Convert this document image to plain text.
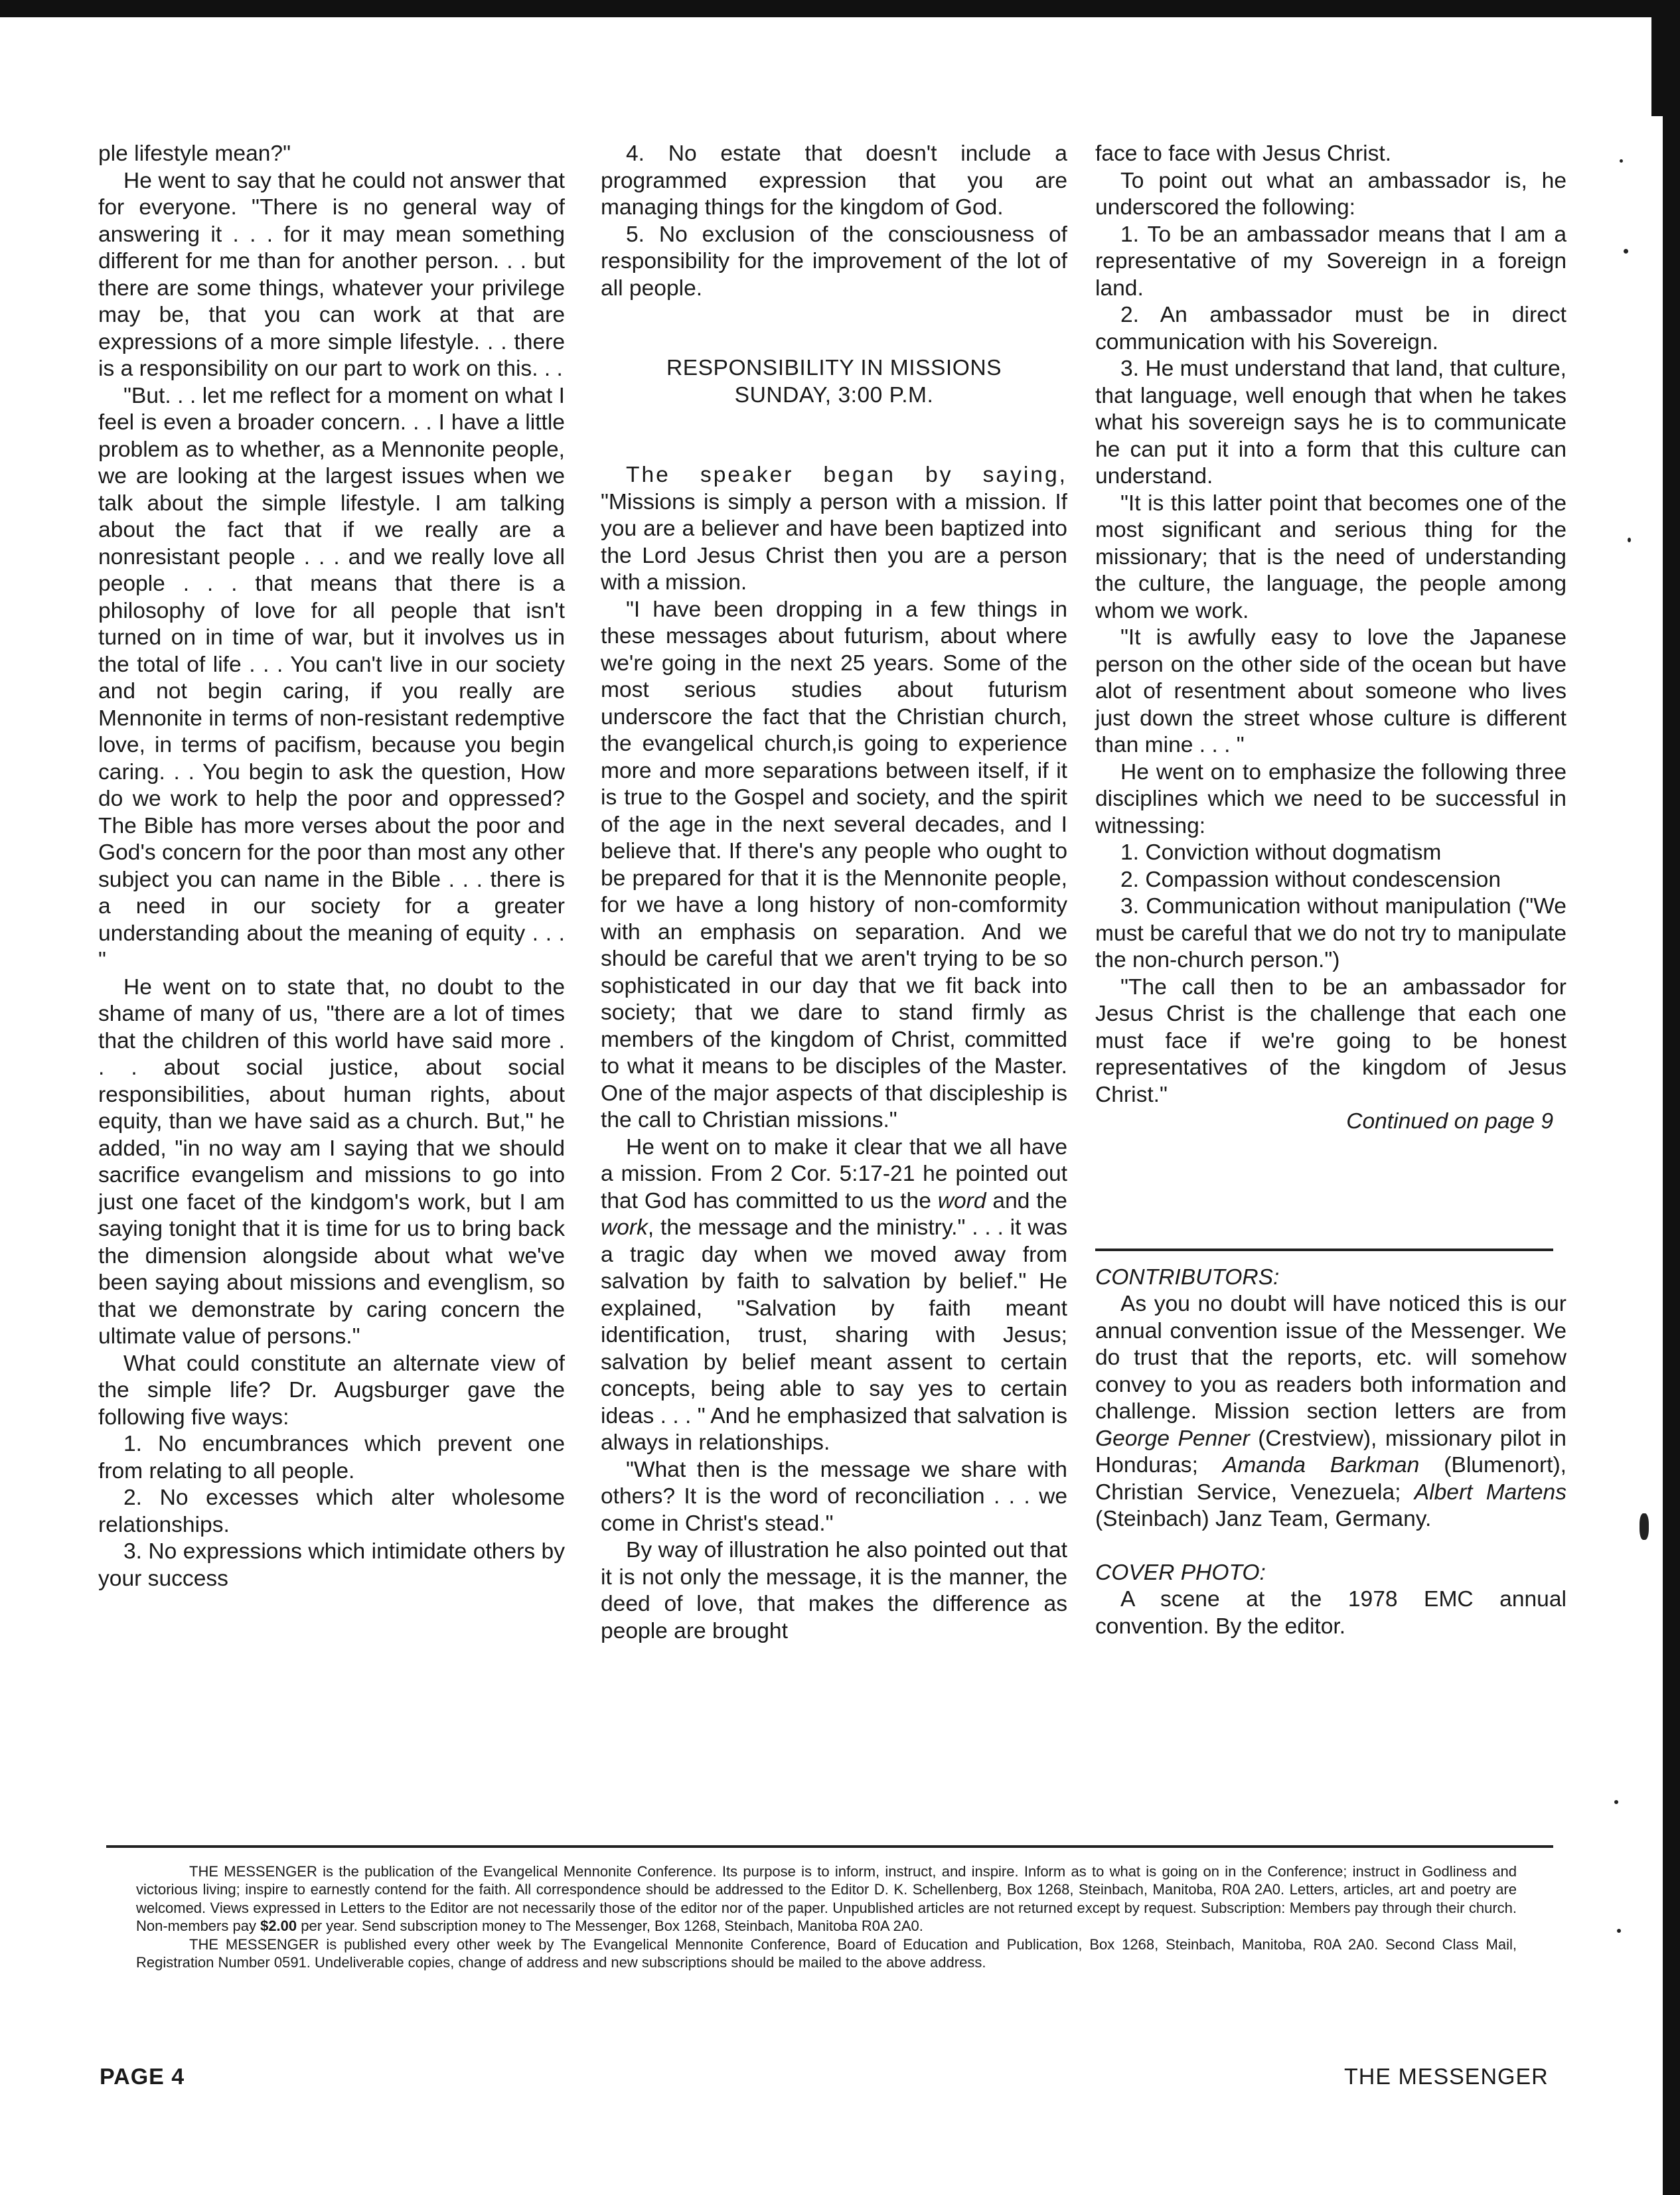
ple lifestyle mean?"

He went to say that he could not answer that for everyone. "There is no general way of answering it . . . for it may mean something different for me than for another person. . . but there are some things, whatever your privilege may be, that you can work at that are expressions of a more simple lifestyle. . . there is a responsibility on our part to work on this. . .

"But. . . let me reflect for a moment on what I feel is even a broader concern. . . I have a little problem as to whether, as a Mennonite people, we are looking at the largest issues when we talk about the simple lifestyle. I am talking about the fact that if we really are a nonresistant people . . . and we really love all people . . . that means that there is a philosophy of love for all people that isn't turned on in time of war, but it involves us in the total of life . . . You can't live in our society and not begin caring, if you really are Mennonite in terms of non-resistant redemptive love, in terms of pacifism, because you begin caring. . . You begin to ask the question, How do we work to help the poor and oppressed? The Bible has more verses about the poor and God's concern for the poor than most any other subject you can name in the Bible . . . there is a need in our society for a greater understanding about the meaning of equity . . . "

He went on to state that, no doubt to the shame of many of us, "there are a lot of times that the children of this world have said more . . . about social justice, about social responsibilities, about human rights, about equity, than we have said as a church. But," he added, "in no way am I saying that we should sacrifice evangelism and missions to go into just one facet of the kindgom's work, but I am saying tonight that it is time for us to bring back the dimension alongside about what we've been saying about missions and evenglism, so that we demonstrate by caring concern the ultimate value of persons."

What could constitute an alternate view of the simple life? Dr. Augsburger gave the following five ways:

1. No encumbrances which prevent one from relating to all people.

2. No excesses which alter wholesome relationships.

3. No expressions which intimidate others by your success

4. No estate that doesn't include a programmed expression that you are managing things for the kingdom of God.

5. No exclusion of the consciousness of responsibility for the improvement of the lot of all people.

RESPONSIBILITY IN MISSIONS

SUNDAY, 3:00 P.M.

The speaker began by saying, "Missions is simply a person with a mission. If you are a believer and have been baptized into the Lord Jesus Christ then you are a person with a mission.

"I have been dropping in a few things in these messages about futurism, about where we're going in the next 25 years. Some of the most serious studies about futurism underscore the fact that the Christian church, the evangelical church,is going to experience more and more separations between itself, if it is true to the Gospel and society, and the spirit of the age in the next several decades, and I believe that. If there's any people who ought to be prepared for that it is the Mennonite people, for we have a long history of non-comformity with an emphasis on separation. And we should be careful that we aren't trying to be so sophisticated in our day that we fit back into society; that we dare to stand firmly as members of the kingdom of Christ, committed to what it means to be disciples of the Master. One of the major aspects of that discipleship is the call to Christian missions."

He went on to make it clear that we all have a mission. From 2 Cor. 5:17-21 he pointed out that God has committed to us the word and the work, the message and the ministry." . . . it was a tragic day when we moved away from salvation by faith to salvation by belief." He explained, "Salvation by faith meant identification, trust, sharing with Jesus; salvation by belief meant assent to certain concepts, being able to say yes to certain ideas . . . " And he emphasized that salvation is always in relationships.

"What then is the message we share with others? It is the word of reconciliation . . . we come in Christ's stead."

By way of illustration he also pointed out that it is not only the message, it is the manner, the deed of love, that makes the difference as people are brought

face to face with Jesus Christ.

To point out what an ambassador is, he underscored the following:

1. To be an ambassador means that I am a representative of my Sovereign in a foreign land.

2. An ambassador must be in direct communication with his Sovereign.

3. He must understand that land, that culture, that language, well enough that when he takes what his sovereign says he is to communicate he can put it into a form that this culture can understand.

"It is this latter point that becomes one of the most significant and serious thing for the missionary; that is the need of understanding the culture, the language, the people among whom we work.

"It is awfully easy to love the Japanese person on the other side of the ocean but have alot of resentment about someone who lives just down the street whose culture is different than mine . . . "

He went on to emphasize the following three disciplines which we need to be successful in witnessing:

1. Conviction without dogmatism

2. Compassion without condescension

3. Communication without manipulation ("We must be careful that we do not try to manipulate the non-church person.")

"The call then to be an ambassador for Jesus Christ is the challenge that each one must face if we're going to be honest representatives of the kingdom of Jesus Christ."

Continued on page 9

CONTRIBUTORS:

As you no doubt will have noticed this is our annual convention issue of the Messenger. We do trust that the reports, etc. will somehow convey to you as readers both information and challenge. Mission section letters are from George Penner (Crestview), missionary pilot in Honduras; Amanda Barkman (Blumenort), Christian Service, Venezuela; Albert Martens (Steinbach) Janz Team, Germany.

COVER PHOTO:

A scene at the 1978 EMC annual convention. By the editor.

THE MESSENGER is the publication of the Evangelical Mennonite Conference. Its purpose is to inform, instruct, and inspire. Inform as to what is going on in the Conference; instruct in Godliness and victorious living; inspire to earnestly contend for the faith. All correspondence should be addressed to the Editor D. K. Schellenberg, Box 1268, Steinbach, Manitoba, R0A 2A0. Letters, articles, art and poetry are welcomed. Views expressed in Letters to the Editor are not necessarily those of the editor nor of the paper. Unpublished articles are not returned except by request. Subscription: Members pay through their church. Non-members pay $2.00 per year. Send subscription money to The Messenger, Box 1268, Steinbach, Manitoba R0A 2A0.

THE MESSENGER is published every other week by The Evangelical Mennonite Conference, Board of Education and Publication, Box 1268, Steinbach, Manitoba, R0A 2A0. Second Class Mail, Registration Number 0591. Undeliverable copies, change of address and new subscriptions should be mailed to the above address.

PAGE 4	THE MESSENGER
